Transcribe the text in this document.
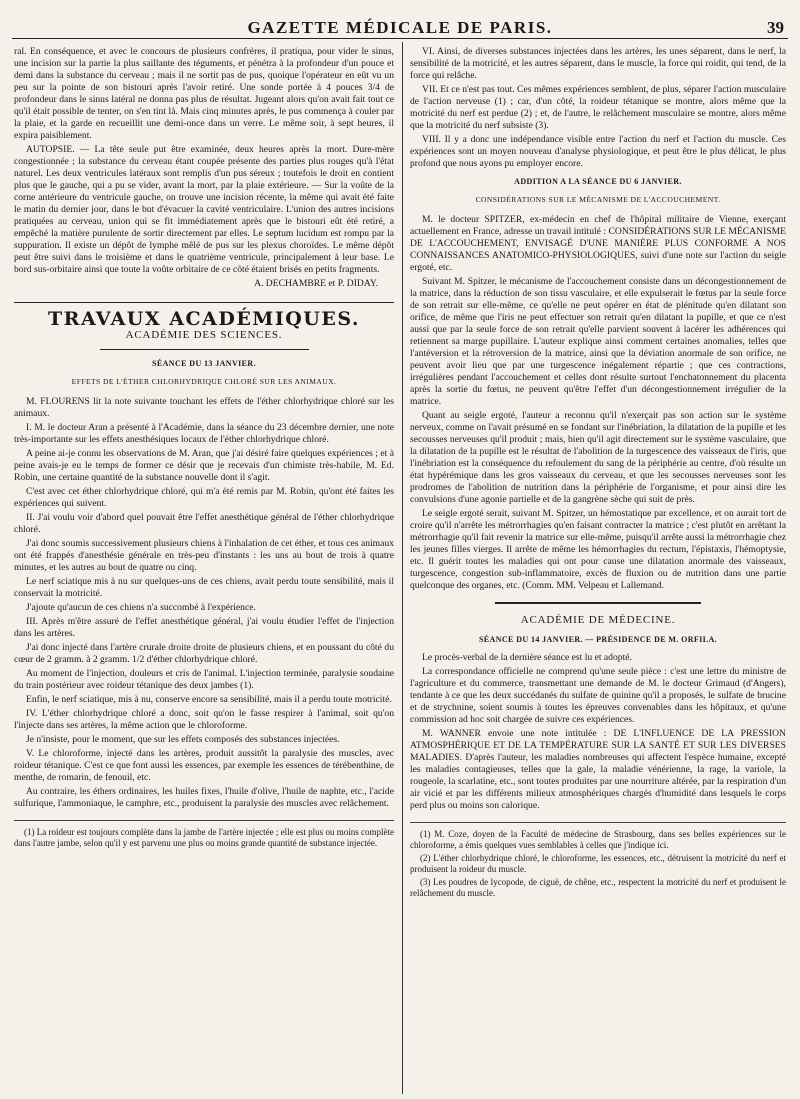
GAZETTE MÉDICALE DE PARIS.	39

ral. En conséquence, et avec le concours de plusieurs confrères, il pratiqua, pour vider le sinus, une incision sur la partie la plus saillante des téguments, et pénétra à la profondeur d'un pouce et demi dans la substance du cerveau ; mais il ne sortit pas de pus, quoique l'opérateur en eût vu un peu sur la pointe de son bistouri après l'avoir retiré. Une sonde portée à 4 pouces 3/4 de profondeur dans le sinus latéral ne donna pas plus de résultat. Jugeant alors qu'on avait fait tout ce qu'il était possible de tenter, on s'en tint là. Mais cinq minutes après, le pus commença à couler par la plaie, et la garde en recueillit une demi-once dans un verre. Le même soir, à sept heures, il expira paisiblement.

AUTOPSIE. — La tête seule put être examinée, deux heures après la mort. Dure-mère congestionnée ; la substance du cerveau étant coupée présente des parties plus rouges qu'à l'état naturel. Les deux ventricules latéraux sont remplis d'un pus séreux ; toutefois le droit en contient plus que le gauche, qui a pu se vider, avant la mort, par la plaie extérieure. — Sur la voûte de la corne antérieure du ventricule gauche, on trouve une incision récente, la même qui avait été faite le matin du dernier jour, dans le but d'évacuer la cavité ventriculaire. L'union des autres incisions pratiquées au cerveau, union qui se fit immédiatement après que le bistouri eût été retiré, a empêché la matière purulente de sortir directement par elles. Le septum lucidum est rompu par la suppuration. Il existe un dépôt de lymphe mêlé de pus sur les plexus choroïdes. Le même dépôt peut être suivi dans le troisième et dans le quatrième ventricule, principalement à leur base. Le bord sus-orbitaire ainsi que toute la voûte orbitaire de ce côté étaient brisés en petits fragments.

A. DECHAMBRE et P. DIDAY.
TRAVAUX ACADÉMIQUES.
ACADÉMIE DES SCIENCES.
SÉANCE DU 13 JANVIER.
EFFETS DE L'ÉTHER CHLORHYDRIQUE CHLORÉ SUR LES ANIMAUX.

M. FLOURENS lit la note suivante touchant les effets de l'éther chlorhydrique chloré sur les animaux.

I. M. le docteur Aran a présenté à l'Académie, dans la séance du 23 décembre dernier, une note très-importante sur les effets anesthésiques locaux de l'éther chlorhydrique chloré.

A peine ai-je connu les observations de M. Aran, que j'ai désiré faire quelques expériences ; et à peine avais-je eu le temps de former ce désir que je recevais d'un chimiste très-habile, M. Ed. Robin, une certaine quantité de la substance nouvelle dont il s'agit.

C'est avec cet éther chlorhydrique chloré, qui m'a été remis par M. Robin, qu'ont été faites les expériences qui suivent.

II. J'ai voulu voir d'abord quel pouvait être l'effet anesthétique général de l'éther chlorhydrique chloré.

J'ai donc soumis successivement plusieurs chiens à l'inhalation de cet éther, et tous ces animaux ont été frappés d'anesthésie générale en très-peu d'instants : les uns au bout de trois à quatre minutes, et les autres au bout de quatre ou cinq.

Le nerf sciatique mis à nu sur quelques-uns de ces chiens, avait perdu toute sensibilité, mais il conservait la motricité.

J'ajoute qu'aucun de ces chiens n'a succombé à l'expérience.

III. Après m'être assuré de l'effet anesthétique général, j'ai voulu étudier l'effet de l'injection dans les artères.

J'ai donc injecté dans l'artère crurale droite droite de plusieurs chiens, et en poussant du côté du cœur de 2 gramm. à 2 gramm. 1/2 d'éther chlorhydrique chloré.

Au moment de l'injection, douleurs et cris de l'animal. L'injection terminée, paralysie soudaine du train postérieur avec roideur tétanique des deux jambes (1).

Enfin, le nerf sciatique, mis à nu, conserve encore sa sensibilité, mais il a perdu toute motricité.

IV. L'éther chlorhydrique chloré a donc, soit qu'on le fasse respirer à l'animal, soit qu'on l'injecte dans ses artères, la même action que le chloroforme.

Je n'insiste, pour le moment, que sur les effets composés des substances injectées.

V. Le chloroforme, injecté dans les artères, produit aussitôt la paralysie des muscles, avec roideur tétanique. C'est ce que font aussi les essences, par exemple les essences de térébenthine, de menthe, de romarin, de fenouil, etc.

Au contraire, les éthers ordinaires, les huiles fixes, l'huile d'olive, l'huile de naphte, etc., l'acide sulfurique, l'ammoniaque, le camphre, etc., produisent la paralysie des muscles avec relâchement.

(1) La roideur est toujours complète dans la jambe de l'artère injectée ; elle est plus ou moins complète dans l'autre jambe, selon qu'il y est parvenu une plus ou moins grande quantité de substance injectée.

VI. Ainsi, de diverses substances injectées dans les artères, les unes séparent, dans le nerf, la sensibilité de la motricité, et les autres séparent, dans le muscle, la force qui roidit, qui tend, de la force qui relâche.

VII. Et ce n'est pas tout. Ces mêmes expériences semblent, de plus, séparer l'action musculaire de l'action nerveuse (1) ; car, d'un côté, la roideur tétanique se montre, alors même que la motricité du nerf est perdue (2) ; et, de l'autre, le relâchement musculaire se montre, alors même que la motricité du nerf subsiste (3).

VIII. Il y a donc une indépendance visible entre l'action du nerf et l'action du muscle. Ces expériences sont un moyen nouveau d'analyse physiologique, et peut être le plus délicat, le plus profond que nous ayons pu employer encore.

ADDITION A LA SÉANCE DU 6 JANVIER.
CONSIDÉRATIONS SUR LE MÉCANISME DE L'ACCOUCHEMENT.

M. le docteur SPITZER, ex-médecin en chef de l'hôpital militaire de Vienne, exerçant actuellement en France, adresse un travail intitulé : CONSIDÉRATIONS SUR LE MÉCANISME DE L'ACCOUCHEMENT, ENVISAGÉ D'UNE MANIÈRE PLUS CONFORME A NOS CONNAISSANCES ANATOMICO-PHYSIOLOGIQUES, suivi d'une note sur l'action du seigle ergoté, etc.

Suivant M. Spitzer, le mécanisme de l'accouchement consiste dans un décongestionnement de la matrice, dans la réduction de son tissu vasculaire, et elle expulserait le fœtus par la seule force de son retrait sur elle-même, ce qu'elle ne peut opérer en état de plénitude qu'en dilatant son orifice, de même que l'iris ne peut effectuer son retrait qu'en dilatant la pupille, et que ce n'est aussi que par la seule force de son retrait qu'elle parvient souvent à lacérer les adhérences qui retiennent sa marge pupillaire. L'auteur explique ainsi comment certaines anomalies, telles que l'antéversion et la rétroversion de la matrice, ainsi que la déviation anormale de son orifice, ne peuvent avoir lieu que par une turgescence inégalement répartie ; que ces contractions, irrégulières pendant l'accouchement et celles dont résulte surtout l'enchatonnement du placenta après la sortie du fœtus, ne peuvent qu'être l'effet d'un décongestionnement irrégulier de la matrice.

Quant au seigle ergoté, l'auteur a reconnu qu'il n'exerçait pas son action sur le système nerveux, comme on l'avait présumé en se fondant sur l'inébriation, la dilatation de la pupille et les secousses nerveuses qu'il produit ; mais, bien qu'il agit directement sur le système vasculaire, que la dilatation de la pupille est le résultat de l'abolition de la turgescence des vaisseaux de l'iris, que l'inébriation est la conséquence du refoulement du sang de la périphérie au centre, d'où résulte un état hypérémique dans les gros vaisseaux du cerveau, et que les secousses nerveuses sont les prodromes de l'abolition de nutrition dans la périphérie de l'organisme, et pour ainsi dire les convulsions d'une agonie partielle et de la gangrène sèche qui suit de près.

Le seigle ergoté serait, suivant M. Spitzer, un hémostatique par excellence, et on aurait tort de croire qu'il n'arrête les métrorrhagies qu'en faisant contracter la matrice ; c'est plutôt en arrêtant la métrorrhagie qu'il fait revenir la matrice sur elle-même, puisqu'il arrête aussi la métrorrhagie chez les jeunes filles vierges. Il arrête de même les hémorrhagies du rectum, l'épistaxis, l'hémoptysie, etc. Il guérit toutes les maladies qui ont pour cause une dilatation anormale des vaisseaux, turgescence, congestion sub-inflammatoire, excès de fluxion ou de nutrition dans une partie quelconque des organes, etc. (Comm. MM. Velpeau et Lallemand.

ACADÉMIE DE MÉDECINE.
SÉANCE DU 14 JANVIER. — PRÉSIDENCE DE M. ORFILA.

Le procès-verbal de la dernière séance est lu et adopté.

La correspondance officielle ne comprend qu'une seule pièce : c'est une lettre du ministre de l'agriculture et du commerce, transmettant une demande de M. le docteur Grimaud (d'Angers), tendante à ce que les deux succédanés du sulfate de quinine qu'il a proposés, le sulfate de brucine et de strychnine, soient soumis à toutes les épreuves convenables dans les hôpitaux, et qu'une commission ad hoc soit chargée de suivre ces expériences.

M. WANNER envoie une note intitulée : DE L'INFLUENCE DE LA PRESSION ATMOSPHÉRIQUE ET DE LA TEMPÉRATURE SUR LA SANTÉ ET SUR LES DIVERSES MALADIES. D'après l'auteur, les maladies nombreuses qui affectent l'espèce humaine, excepté les maladies contagieuses, telles que la gale, la maladie vénérienne, la rage, la variole, la rougeole, la scarlatine, etc., sont toutes produites par une nourriture altérée, par la respiration d'un air vicié et par les différents milieux atmosphériques chargés d'humidité dans lesquels le corps perd plus ou moins son calorique.

(1) M. Coze, doyen de la Faculté de médecine de Strasbourg, dans ses belles expériences sur le chloroforme, a émis quelques vues semblables à celles que j'indique ici.

(2) L'éther chlorhydrique chloré, le chloroforme, les essences, etc., détruisent la motricité du nerf et produisent la roideur du muscle.

(3) Les poudres de lycopode, de ciguë, de chêne, etc., respectent la motricité du nerf et produisent le relâchement du muscle.
